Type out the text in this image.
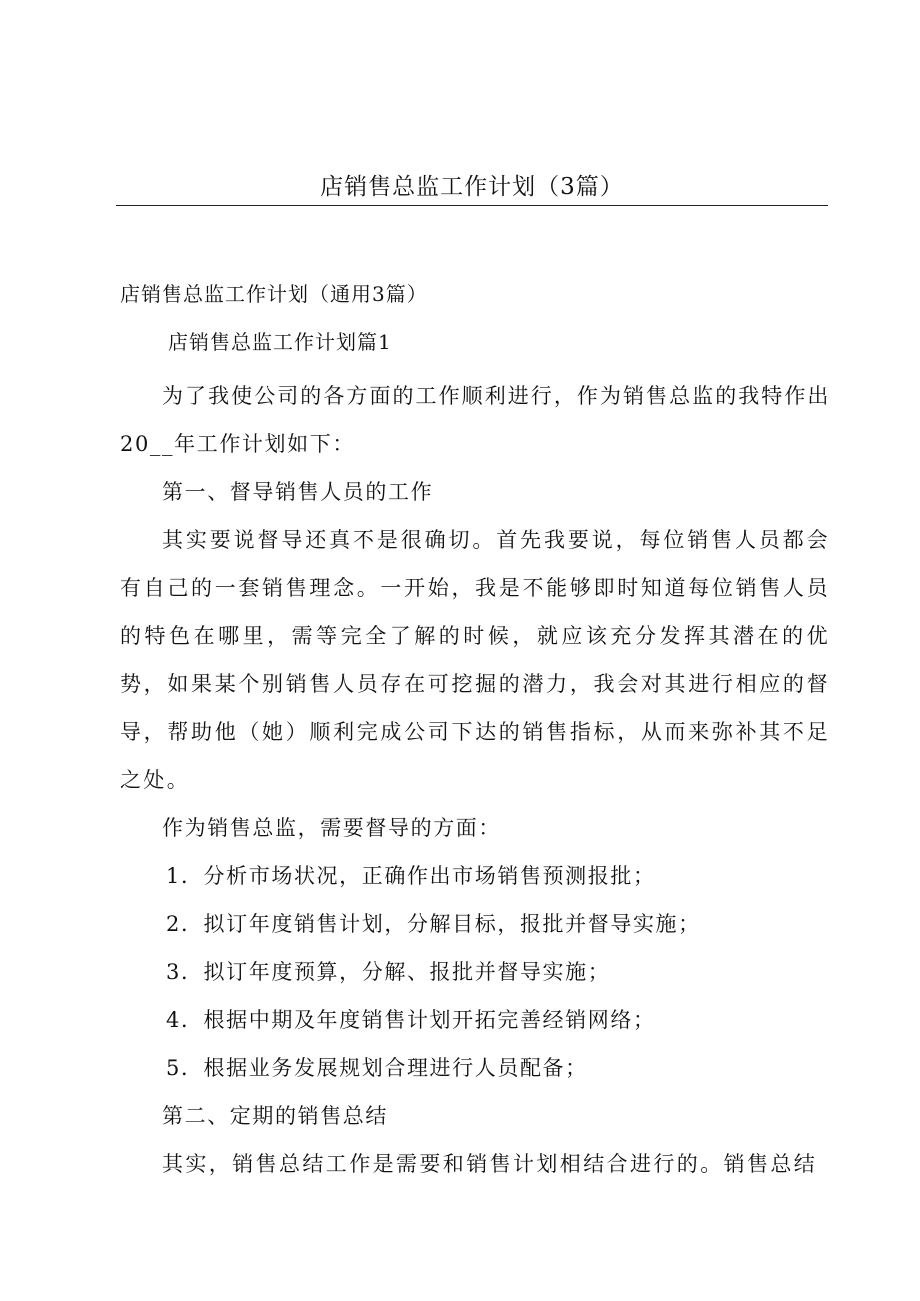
店销售总监工作计划（3篇）

店销售总监工作计划（通用3篇）

店销售总监工作计划篇1

为了我使公司的各方面的工作顺利进行，作为销售总监的我特作出20__年工作计划如下：

第一、督导销售人员的工作

其实要说督导还真不是很确切。首先我要说，每位销售人员都会有自己的一套销售理念。一开始，我是不能够即时知道每位销售人员的特色在哪里，需等完全了解的时候，就应该充分发挥其潜在的优势，如果某个别销售人员存在可挖掘的潜力，我会对其进行相应的督导，帮助他（她）顺利完成公司下达的销售指标，从而来弥补其不足之处。

作为销售总监，需要督导的方面：

1．分析市场状况，正确作出市场销售预测报批；

2．拟订年度销售计划，分解目标，报批并督导实施；

3．拟订年度预算，分解、报批并督导实施；

4．根据中期及年度销售计划开拓完善经销网络；

5．根据业务发展规划合理进行人员配备；

第二、定期的销售总结

其实，销售总结工作是需要和销售计划相结合进行的。销售总结
